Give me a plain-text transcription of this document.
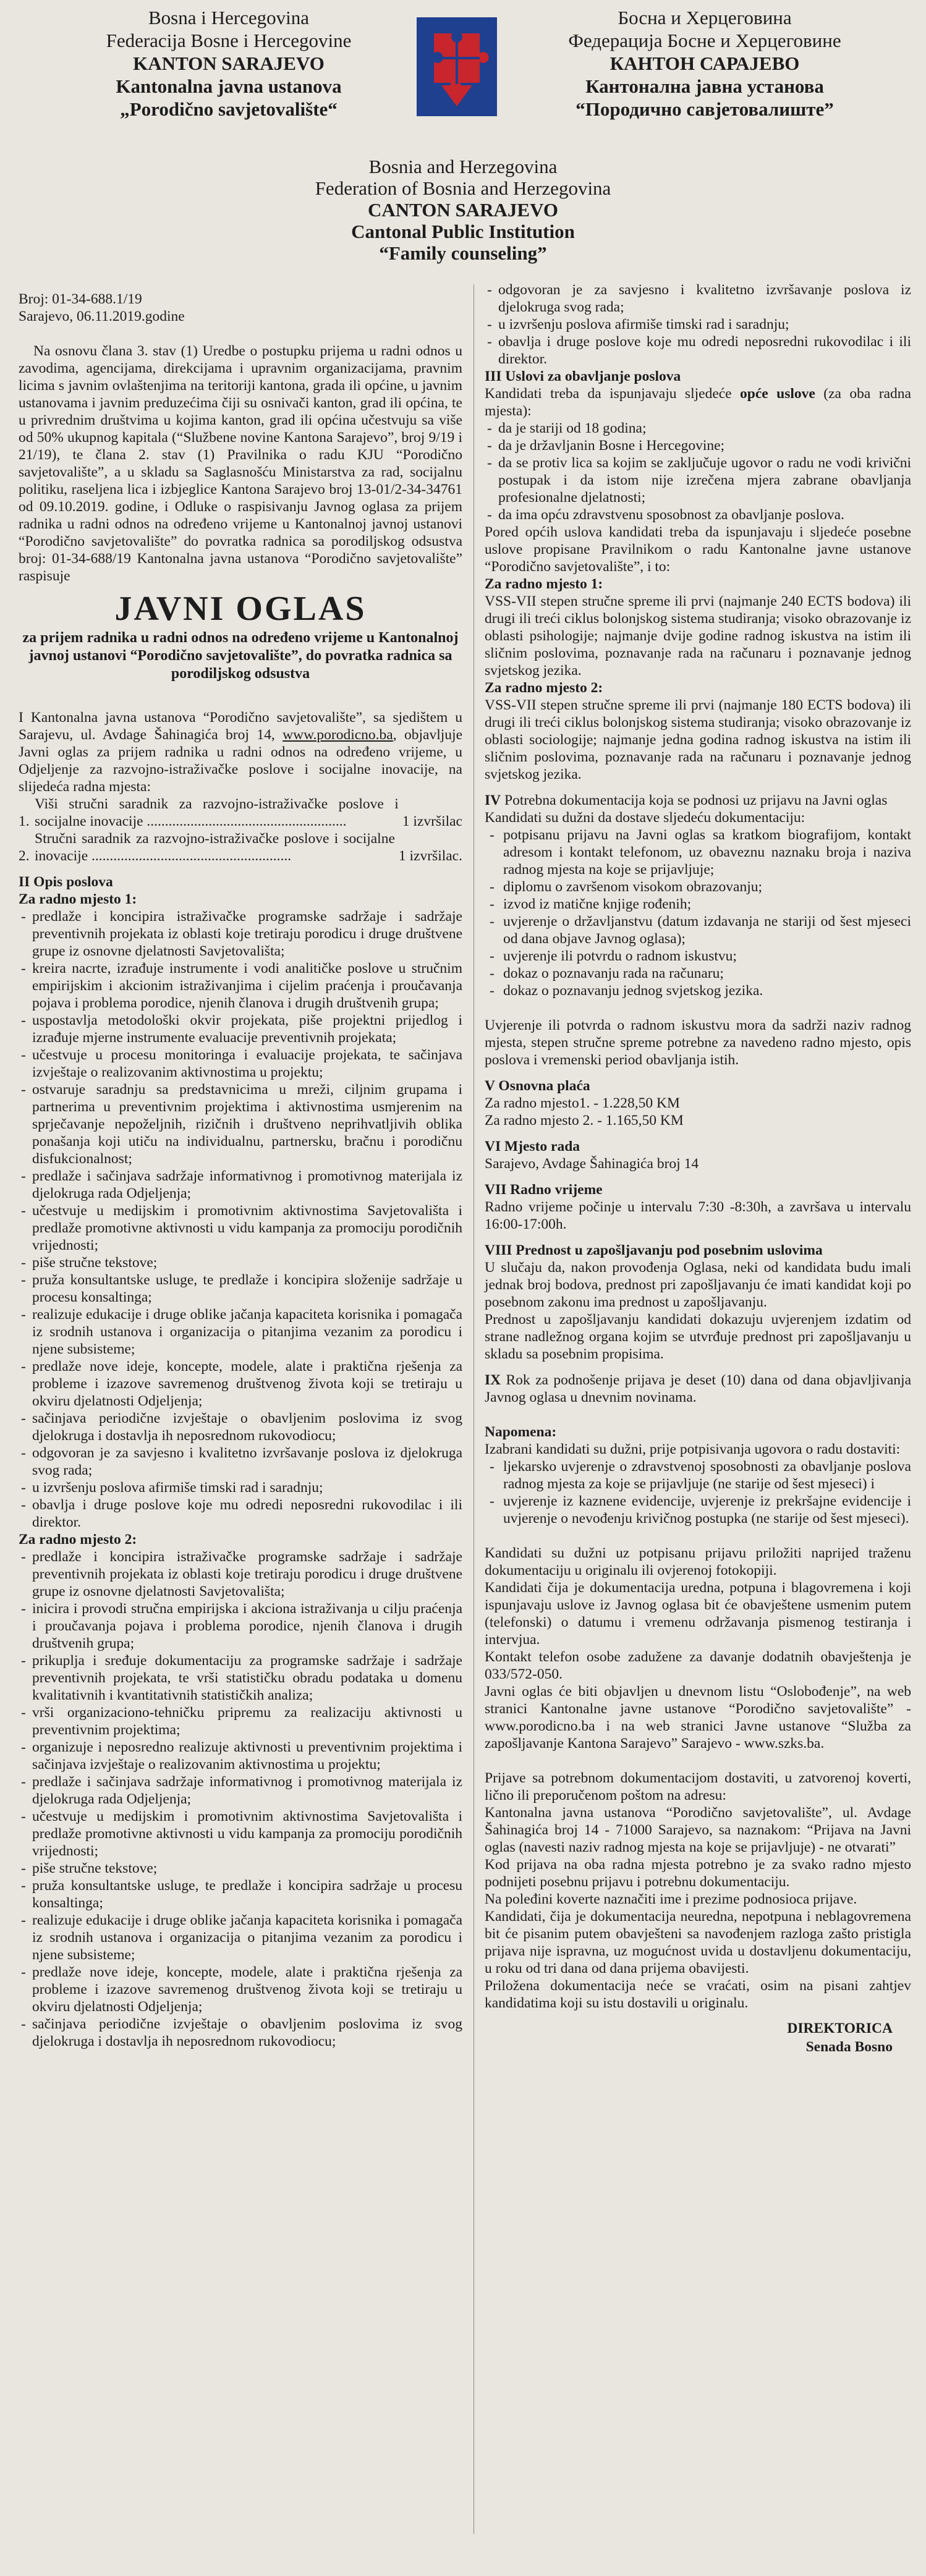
Bosna i Hercegovina
Federacija Bosne i Hercegovine
KANTON SARAJEVO
Kantonalna javna ustanova
„Porodično savjetovalište“
Босна и Херцеговина
Федерација Босне и Херцеговине
КАНТОН САРАЈЕВО
Кантонална јавна установа
“Породично савјетовалиште”
Bosnia and Herzegovina
Federation of Bosnia and Herzegovina
CANTON SARAJEVO
Cantonal Public Institution
“Family counseling”

Broj: 01-34-688.1/19

Sarajevo, 06.11.2019.godine

Na osnovu člana 3. stav (1) Uredbe o postupku prijema u radni odnos u zavodima, agencijama, direkcijama i upravnim organizacijama, pravnim licima s javnim ovlaštenjima na teritoriji kantona, grada ili općine, u javnim ustanovama i javnim preduzećima čiji su osnivači kanton, grad ili općina, te u privrednim društvima u kojima kanton, grad ili općina učestvuju sa više od 50% ukupnog kapitala (“Službene novine Kantona Sarajevo”, broj 9/19 i 21/19), te člana 2. stav (1) Pravilnika o radu KJU “Porodično savjetovalište”, a u skladu sa Saglasnošću Ministarstva za rad, socijalnu politiku, raseljena lica i izbjeglice Kantona Sarajevo broj 13-01/2-34-34761 od 09.10.2019. godine, i Odluke o raspisivanju Javnog oglasa za prijem radnika u radni odnos na određeno vrijeme u Kantonalnoj javnoj ustanovi “Porodično savjetovalište” do povratka radnica sa porodiljskog odsustva broj: 01-34-688/19 Kantonalna javna ustanova “Porodično savjetovalište” raspisuje

JAVNI OGLAS
za prijem radnika u radni odnos na određeno vrijeme u Kantonalnoj javnoj ustanovi “Porodično savjetovalište”, do povratka radnica sa porodiljskog odsustva

I Kantonalna javna ustanova “Porodično savjetovalište”, sa sjedištem u Sarajevu, ul. Avdage Šahinagića broj 14, www.porodicno.ba, objavljuje Javni oglas za prijem radnika u radni odnos na određeno vrijeme, u Odjeljenje za razvojno-istraživačke poslove i socijalne inovacije, na slijedeća radna mjesta:

1.
Viši stručni saradnik za razvojno-istraživačke poslove i socijalne inovacije .......................................................	1 izvršilac
2.
Stručni saradnik za razvojno-istraživačke poslove i socijalne inovacije .......................................................	1 izvršilac.

II Opis poslova

Za radno mjesto 1:

- predlaže i koncipira istraživačke programske sadržaje i sadržaje preventivnih projekata iz oblasti koje tretiraju porodicu i druge društvene grupe iz osnovne djelatnosti Savjetovališta;
- kreira nacrte, izrađuje instrumente i vodi analitičke poslove u stručnim empirijskim i akcionim istraživanjima i cijelim praćenja i proučavanja pojava i problema porodice, njenih članova i drugih društvenih grupa;
- uspostavlja metodološki okvir projekata, piše projektni prijedlog i izrađuje mjerne instrumente evaluacije preventivnih projekata;
- učestvuje u procesu monitoringa i evaluacije projekata, te sačinjava izvještaje o realizovanim aktivnostima u projektu;
- ostvaruje saradnju sa predstavnicima u mreži, ciljnim grupama i partnerima u preventivnim projektima i aktivnostima usmjerenim na sprječavanje nepoželjnih, rizičnih i društveno neprihvatljivih oblika ponašanja koji utiču na individualnu, partnersku, bračnu i porodičnu disfukcionalnost;
- predlaže i sačinjava sadržaje informativnog i promotivnog materijala iz djelokruga rada Odjeljenja;
- učestvuje u medijskim i promotivnim aktivnostima Savjetovališta i predlaže promotivne aktivnosti u vidu kampanja za promociju porodičnih vrijednosti;
- piše stručne tekstove;
- pruža konsultantske usluge, te predlaže i koncipira složenije sadržaje u procesu konsaltinga;
- realizuje edukacije i druge oblike jačanja kapaciteta korisnika i pomagača iz srodnih ustanova i organizacija o pitanjima vezanim za porodicu i njene subsisteme;
- predlaže nove ideje, koncepte, modele, alate i praktična rješenja za probleme i izazove savremenog društvenog života koji se tretiraju u okviru djelatnosti Odjeljenja;
- sačinjava periodične izvještaje o obavljenim poslovima iz svog djelokruga i dostavlja ih neposrednom rukovodiocu;
- odgovoran je za savjesno i kvalitetno izvršavanje poslova iz djelokruga svog rada;
- u izvršenju poslova afirmiše timski rad i saradnju;
- obavlja i druge poslove koje mu odredi neposredni rukovodilac i ili direktor.

Za radno mjesto 2:

- predlaže i koncipira istraživačke programske sadržaje i sadržaje preventivnih projekata iz oblasti koje tretiraju porodicu i druge društvene grupe iz osnovne djelatnosti Savjetovališta;
- inicira i provodi stručna empirijska i akciona istraživanja u cilju praćenja i proučavanja pojava i problema porodice, njenih članova i drugih društvenih grupa;
- prikuplja i sređuje dokumentaciju za programske sadržaje i sadržaje preventivnih projekata, te vrši statističku obradu podataka u domenu kvalitativnih i kvantitativnih statističkih analiza;
- vrši organizaciono-tehničku pripremu za realizaciju aktivnosti u preventivnim projektima;
- organizuje i neposredno realizuje aktivnosti u preventivnim projektima i sačinjava izvještaje o realizovanim aktivnostima u projektu;
- predlaže i sačinjava sadržaje informativnog i promotivnog materijala iz djelokruga rada Odjeljenja;
- učestvuje u medijskim i promotivnim aktivnostima Savjetovališta i predlaže promotivne aktivnosti u vidu kampanja za promociju porodičnih vrijednosti;
- piše stručne tekstove;
- pruža konsultantske usluge, te predlaže i koncipira sadržaje u procesu konsaltinga;
- realizuje edukacije i druge oblike jačanja kapaciteta korisnika i pomagača iz srodnih ustanova i organizacija o pitanjima vezanim za porodicu i njene subsisteme;
- predlaže nove ideje, koncepte, modele, alate i praktična rješenja za probleme i izazove savremenog društvenog života koji se tretiraju u okviru djelatnosti Odjeljenja;
- sačinjava periodične izvještaje o obavljenim poslovima iz svog djelokruga i dostavlja ih neposrednom rukovodiocu;
- odgovoran je za savjesno i kvalitetno izvršavanje poslova iz djelokruga svog rada;
- u izvršenju poslova afirmiše timski rad i saradnju;
- obavlja i druge poslove koje mu odredi neposredni rukovodilac i ili direktor.

III Uslovi za obavljanje poslova

Kandidati treba da ispunjavaju sljedeće opće uslove (za oba radna mjesta):

- da je stariji od 18 godina;
- da je državljanin Bosne i Hercegovine;
- da se protiv lica sa kojim se zaključuje ugovor o radu ne vodi krivični postupak i da istom nije izrečena mjera zabrane obavljanja profesionalne djelatnosti;
- da ima opću zdravstvenu sposobnost za obavljanje poslova.

Pored općih uslova kandidati treba da ispunjavaju i sljedeće posebne uslove propisane Pravilnikom o radu Kantonalne javne ustanove “Porodično savjetovalište”, i to:

Za radno mjesto 1:

VSS-VII stepen stručne spreme ili prvi (najmanje 240 ECTS bodova) ili drugi ili treći ciklus bolonjskog sistema studiranja; visoko obrazovanje iz oblasti psihologije; najmanje dvije godine radnog iskustva na istim ili sličnim poslovima, poznavanje rada na računaru i poznavanje jednog svjetskog jezika.

Za radno mjesto 2:

VSS-VII stepen stručne spreme ili prvi (najmanje 180 ECTS bodova) ili drugi ili treći ciklus bolonjskog sistema studiranja; visoko obrazovanje iz oblasti sociologije; najmanje jedna godina radnog iskustva na istim ili sličnim poslovima, poznavanje rada na računaru i poznavanje jednog svjetskog jezika.

IV Potrebna dokumentacija koja se podnosi uz prijavu na Javni oglas

Kandidati su dužni da dostave sljedeću dokumentaciju:

- potpisanu prijavu na Javni oglas sa kratkom biografijom, kontakt adresom i kontakt telefonom, uz obaveznu naznaku broja i naziva radnog mjesta na koje se prijavljuje;
- diplomu o završenom visokom obrazovanju;
- izvod iz matične knjige rođenih;
- uvjerenje o državljanstvu (datum izdavanja ne stariji od šest mjeseci od dana objave Javnog oglasa);
- uvjerenje ili potvrdu o radnom iskustvu;
- dokaz o poznavanju rada na računaru;
- dokaz o poznavanju jednog svjetskog jezika.

Uvjerenje ili potvrda o radnom iskustvu mora da sadrži naziv radnog mjesta, stepen stručne spreme potrebne za navedeno radno mjesto, opis poslova i vremenski period obavljanja istih.

V Osnovna plaća

Za radno mjesto1. - 1.228,50 KM

Za radno mjesto 2. - 1.165,50 KM

VI Mjesto rada

Sarajevo, Avdage Šahinagića broj 14

VII Radno vrijeme

Radno vrijeme počinje u intervalu 7:30 -8:30h, a završava u intervalu 16:00-17:00h.

VIII Prednost u zapošljavanju pod posebnim uslovima

U slučaju da, nakon provođenja Oglasa, neki od kandidata budu imali jednak broj bodova, prednost pri zapošljavanju će imati kandidat koji po posebnom zakonu ima prednost u zapošljavanju.

Prednost u zapošljavanju kandidati dokazuju uvjerenjem izdatim od strane nadležnog organa kojim se utvrđuje prednost pri zapošljavanju u skladu sa posebnim propisima.

IX Rok za podnošenje prijava je deset (10) dana od dana objavljivanja Javnog oglasa u dnevnim novinama.

Napomena:

Izabrani kandidati su dužni, prije potpisivanja ugovora o radu dostaviti:

- ljekarsko uvjerenje o zdravstvenoj sposobnosti za obavljanje poslova radnog mjesta za koje se prijavljuje (ne starije od šest mjeseci) i
- uvjerenje iz kaznene evidencije, uvjerenje iz prekršajne evidencije i uvjerenje o nevođenju krivičnog postupka (ne starije od šest mjeseci).

Kandidati su dužni uz potpisanu prijavu priložiti naprijed traženu dokumentaciju u originalu ili ovjerenoj fotokopiji.

Kandidati čija je dokumentacija uredna, potpuna i blagovremena i koji ispunjavaju uslove iz Javnog oglasa bit će obavještene usmenim putem (telefonski) o datumu i vremenu održavanja pismenog testiranja i intervjua.

Kontakt telefon osobe zadužene za davanje dodatnih obavještenja je 033/572-050.

Javni oglas će biti objavljen u dnevnom listu “Oslobođenje”, na web stranici Kantonalne javne ustanove “Porodično savjetovalište” -www.porodicno.ba i na web stranici Javne ustanove “Služba za zapošljavanje Kantona Sarajevo” Sarajevo - www.szks.ba.

Prijave sa potrebnom dokumentacijom dostaviti, u zatvorenoj koverti, lično ili preporučenom poštom na adresu:

Kantonalna javna ustanova “Porodično savjetovalište”, ul. Avdage Šahinagića broj 14 - 71000 Sarajevo, sa naznakom: “Prijava na Javni oglas (navesti naziv radnog mjesta na koje se prijavljuje) - ne otvarati”

Kod prijava na oba radna mjesta potrebno je za svako radno mjesto podnijeti posebnu prijavu i potrebnu dokumentaciju.

Na poleđini koverte naznačiti ime i prezime podnosioca prijave.

Kandidati, čija je dokumentacija neuredna, nepotpuna i neblagovremena bit će pisanim putem obavješteni sa navođenjem razloga zašto pristigla prijava nije ispravna, uz mogućnost uvida u dostavljenu dokumentaciju, u roku od tri dana od dana prijema obavijesti.

Priložena dokumentacija neće se vraćati, osim na pisani zahtjev kandidatima koji su istu dostavili u originalu.

DIREKTORICA
Senada Bosno
